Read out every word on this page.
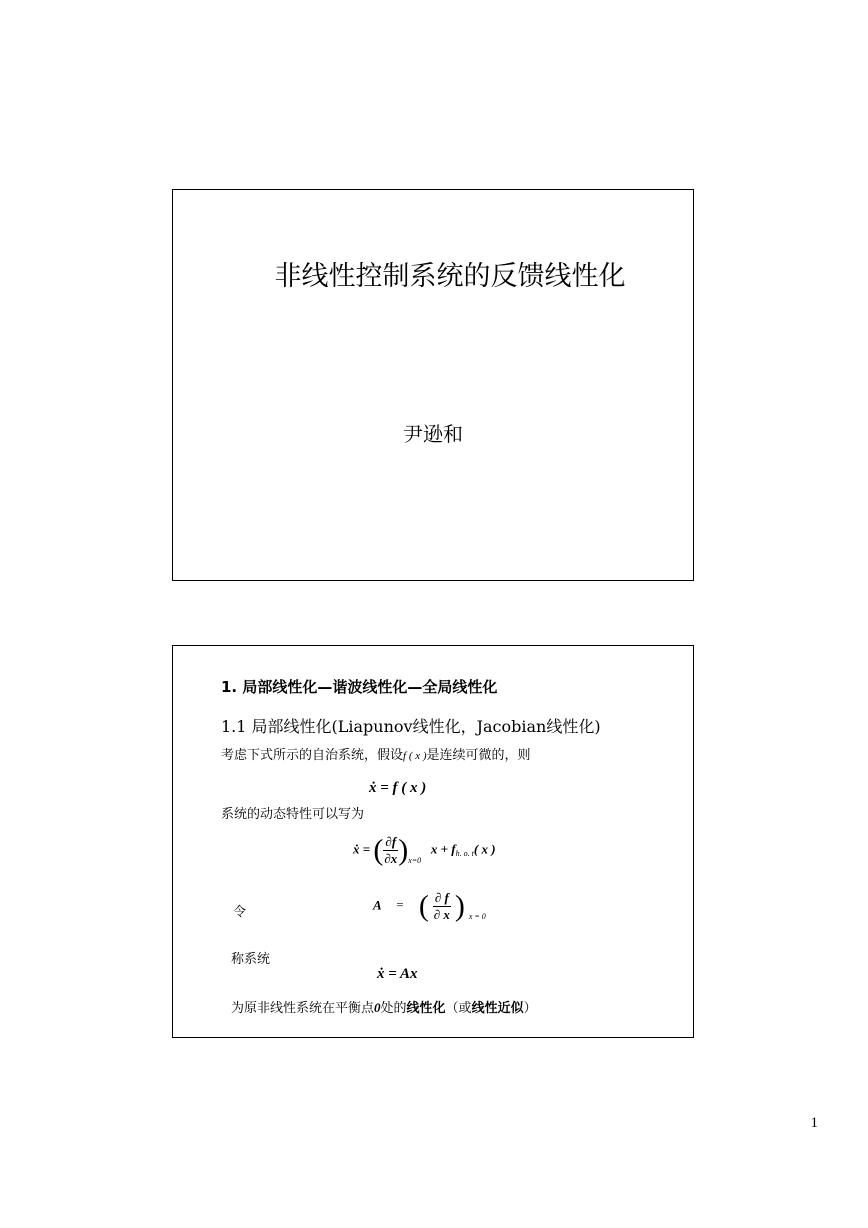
非线性控制系统的反馈线性化
尹逊和
1. 局部线性化—谐波线性化—全局线性化
1.1 局部线性化(Liapunov线性化，Jacobian线性化)
考虑下式所示的自治系统，假设f ( x )是连续可微的，则
ẋ = f ( x )
系统的动态特性可以写为
ẋ = ( $\frac{\partial f}{\partial x} )_{x=0}$   $x + f_{h. o. t}$( x )
令
A = ( $\frac{\partial f}{\partial x}$ ) $_{x = 0}$
称系统
ẋ = Ax
为原非线性系统在平衡点0处的线性化（或线性近似）
1
